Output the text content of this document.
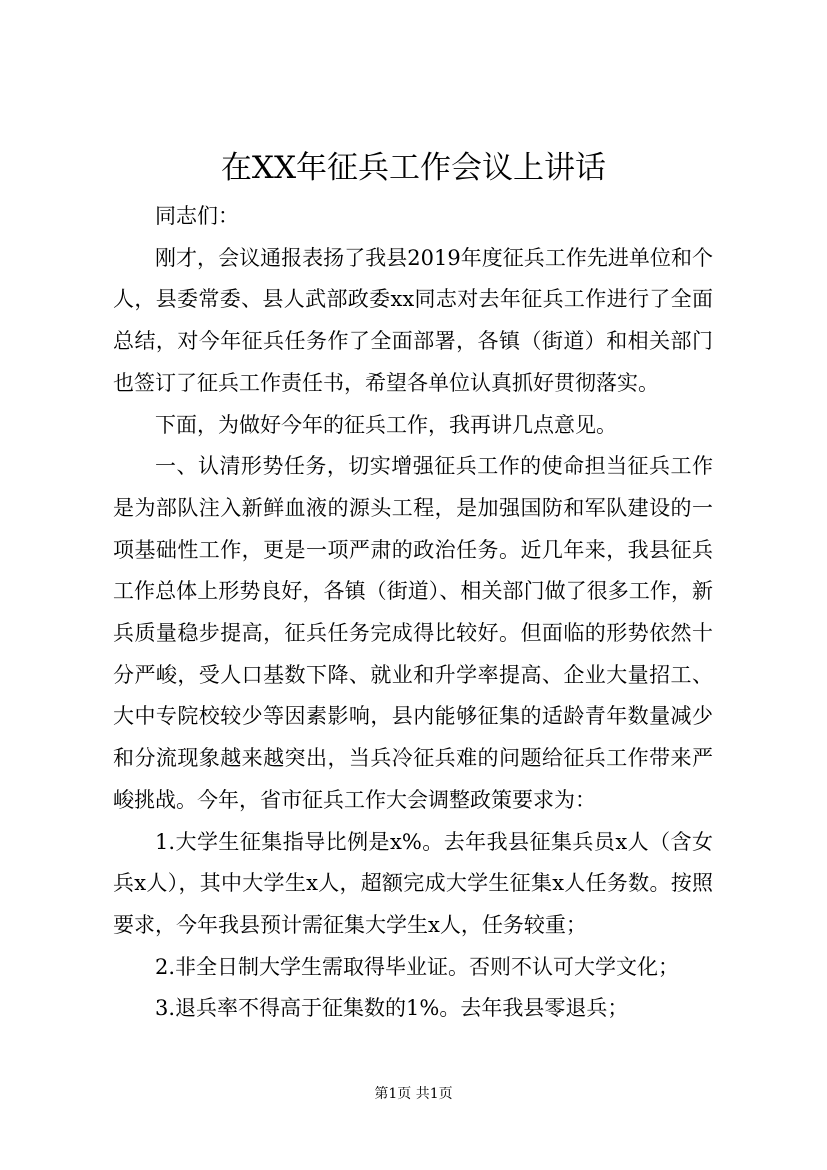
在XX年征兵工作会议上讲话

同志们：

刚才，会议通报表扬了我县2019年度征兵工作先进单位和个人，县委常委、县人武部政委xx同志对去年征兵工作进行了全面总结，对今年征兵任务作了全面部署，各镇（街道）和相关部门也签订了征兵工作责任书，希望各单位认真抓好贯彻落实。

下面，为做好今年的征兵工作，我再讲几点意见。

一、认清形势任务，切实增强征兵工作的使命担当征兵工作是为部队注入新鲜血液的源头工程，是加强国防和军队建设的一项基础性工作，更是一项严肃的政治任务。近几年来，我县征兵工作总体上形势良好，各镇（街道）、相关部门做了很多工作，新兵质量稳步提高，征兵任务完成得比较好。但面临的形势依然十分严峻，受人口基数下降、就业和升学率提高、企业大量招工、大中专院校较少等因素影响，县内能够征集的适龄青年数量减少和分流现象越来越突出，当兵冷征兵难的问题给征兵工作带来严峻挑战。今年，省市征兵工作大会调整政策要求为：

1.大学生征集指导比例是x%。去年我县征集兵员x人（含女兵x人），其中大学生x人，超额完成大学生征集x人任务数。按照要求，今年我县预计需征集大学生x人，任务较重；

2.非全日制大学生需取得毕业证。否则不认可大学文化；

3.退兵率不得高于征集数的1%。去年我县零退兵；

第1页 共1页
